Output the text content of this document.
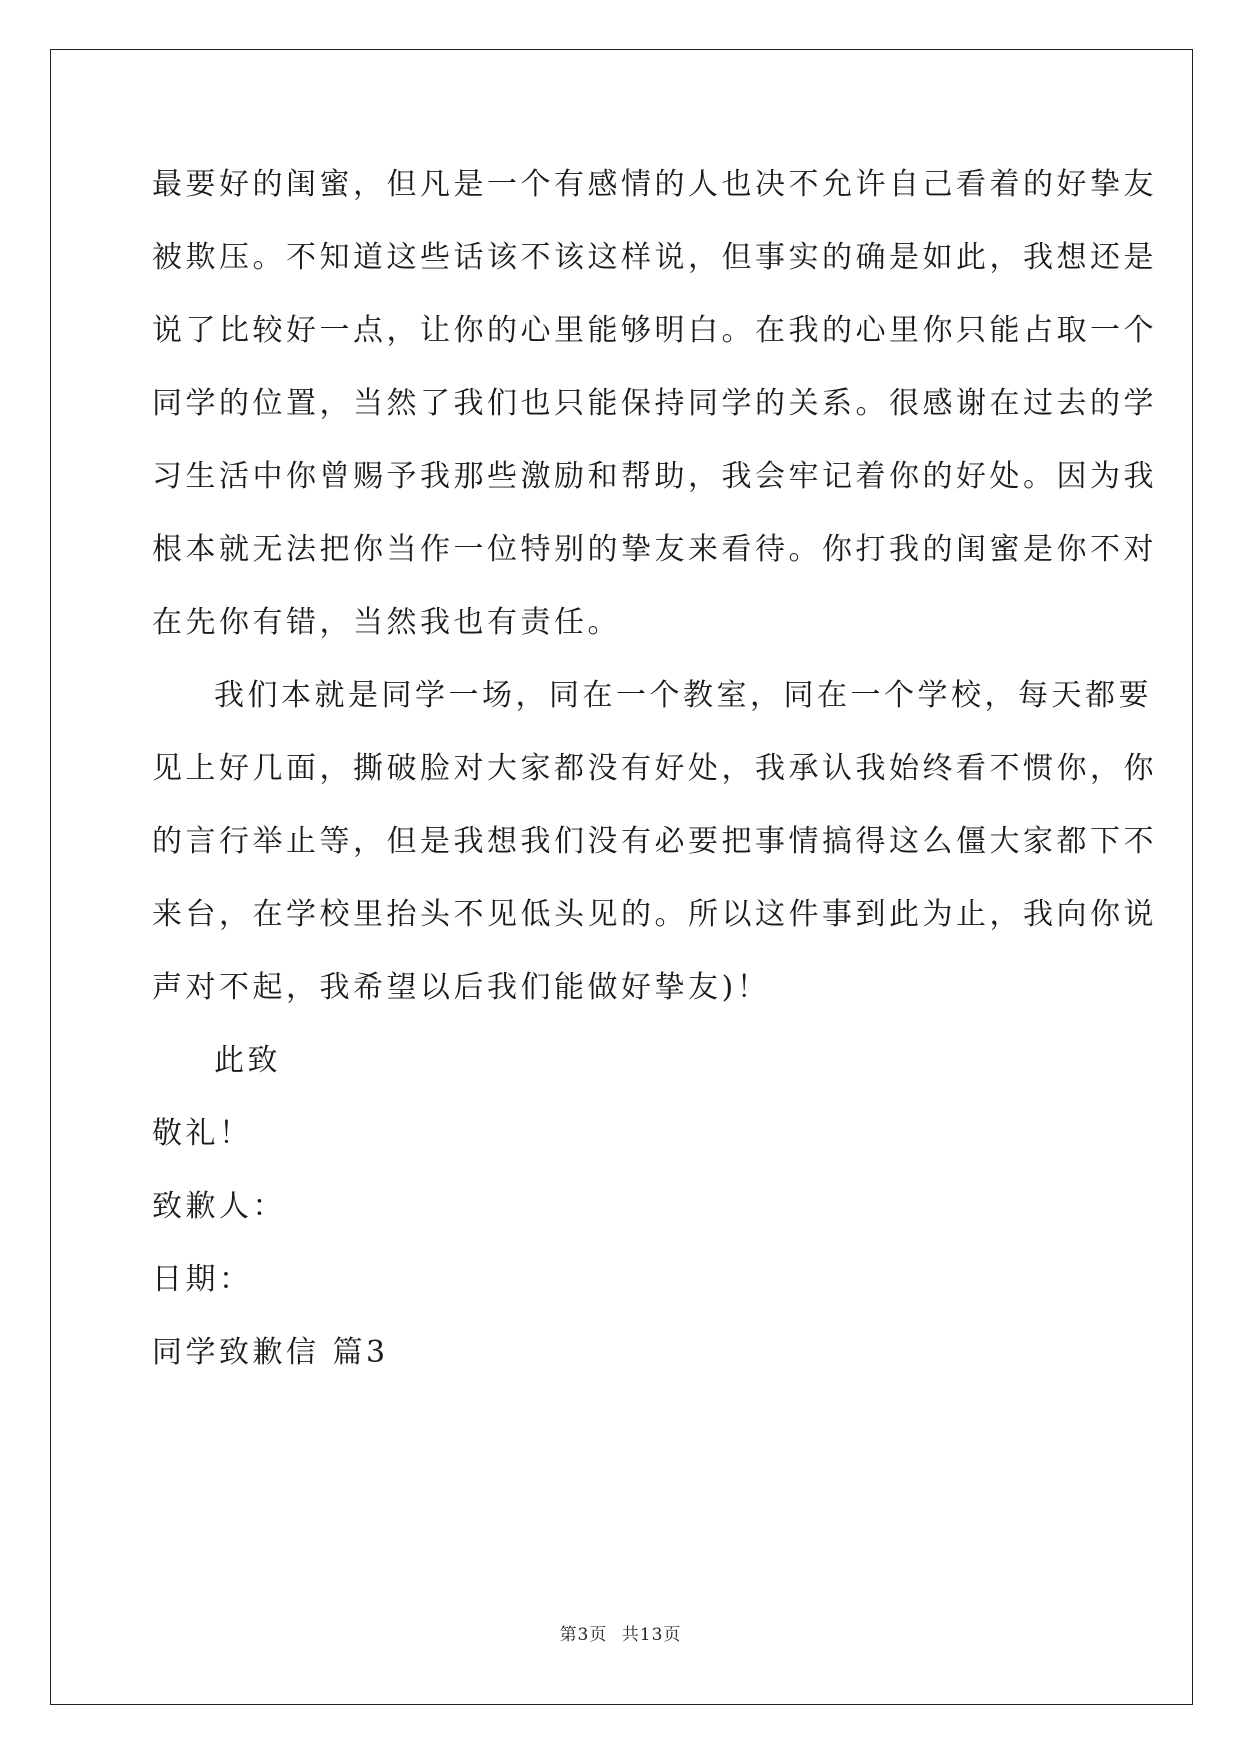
最要好的闺蜜，但凡是一个有感情的人也决不允许自己看着的好挚友
被欺压。不知道这些话该不该这样说，但事实的确是如此，我想还是
说了比较好一点，让你的心里能够明白。在我的心里你只能占取一个
同学的位置，当然了我们也只能保持同学的关系。很感谢在过去的学
习生活中你曾赐予我那些激励和帮助，我会牢记着你的好处。因为我
根本就无法把你当作一位特别的挚友来看待。你打我的闺蜜是你不对
在先你有错，当然我也有责任。
我们本就是同学一场，同在一个教室，同在一个学校，每天都要
见上好几面，撕破脸对大家都没有好处，我承认我始终看不惯你，你
的言行举止等，但是我想我们没有必要把事情搞得这么僵大家都下不
来台，在学校里抬头不见低头见的。所以这件事到此为止，我向你说
声对不起，我希望以后我们能做好挚友)！
此致
敬礼！
致歉人：
日期：
同学致歉信 篇3
第3页 共13页
